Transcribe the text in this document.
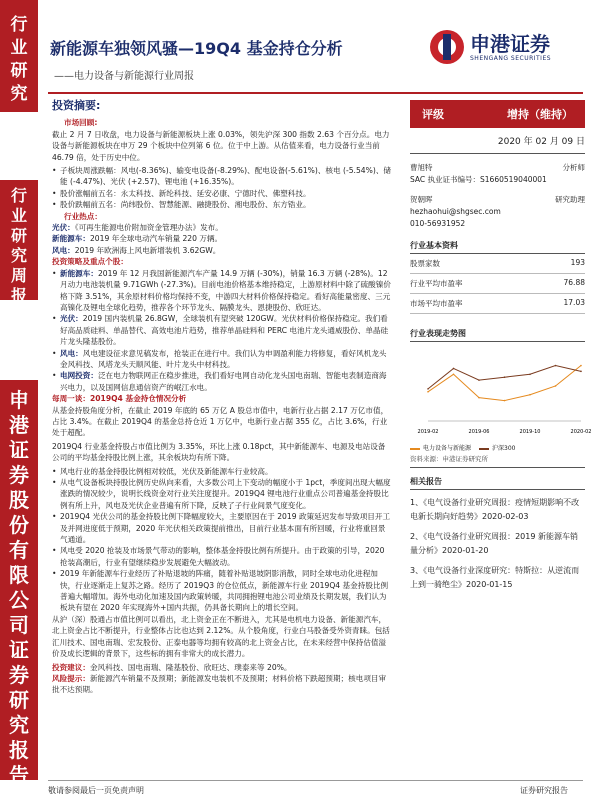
行
业
研
究
行
业
研
究
周
报
申
港
证
券
股
份
有
限
公
司
证
券
研
究
报
告
新能源车独领风骚—19Q4 基金持仓分析
——电力设备与新能源行业周报
申港证券
SHENGANG SECURITIES
投资摘要:
市场回顾:
截止 2 月 7 日收盘，电力设备与新能源板块上涨 0.03%，领先沪深 300 指数 2.63 个百分点。电力设备与新能源板块在申万 29 个板块中位列第 6 位。位于中上游。从估值来看，电力设备行业当前 46.79 倍，处于历史中位。
• 子板块周涨跌幅：风电(-8.36%)、输变电设备(-8.29%)、配电设备(-5.61%)、核电 (-5.54%)、储能 (-4.47%)、光伏 (+2.57)、锂电池 (+16.35%)。
• 股价涨幅前五名：永太科技、新纶科技、延安必康、宁德时代、佛塑科技。
• 股价跌幅前五名：尚纬股份、智慧能源、融捷股份、湘电股份、东方锆业。
行业热点：
光伏：《可再生能源电价附加资金管理办法》发布。
新能源车：2019 年全球电动汽车销量 220 万辆。
风电：2019 年欧洲海上风电新增装机 3.62GW。
投资策略及重点个股：
• 新能源车：2019 年 12 月我国新能源汽车产量 14.9 万辆 (-30%)，销量 16.3 万辆 (-28%)。12 月动力电池装机量 9.71GWh (-27.3%)。目前电池价格基本维持稳定，上游原材料中除了硫酸镍价格下降 3.51%，其余原材料价格均保持不变，中游四大材料价格保持稳定。看好高能量密度、三元高镍化及锂电全球化趋势，推荐各个环节龙头、隔膜龙头、恩捷股份、欣旺达。
• 光伏：2019 国内装机量 26.8GW，全球装机有望突破 120GW。光伏材料价格保持稳定。我们看好高品质硅料、单晶替代、高效电池片趋势，推荐单晶硅料和 PERC 电池片龙头通威股份、单晶硅片龙头隆基股份。
• 风电：风电建设征求意见稿发布，抢装正在进行中。我们认为申调盈利能力将修复，看好风机龙头金风科技、风塔龙头天顺风能、叶片龙头中材科技。
• 电网投资：泛在电力物联网正在稳步推进，我们看好电网自动化龙头国电南瑞、智能电表制造商海兴电力，以及国网信息通信资产的岷江水电。
每周一谈：2019Q4 基金持仓情况分析
从基金持股角度分析，在截止 2019 年底的 65 万亿 A 股总市值中，电新行业占据 2.17 万亿市值，占比 3.4%。在截止 2019Q4 的基金总持仓近 1 万亿中，电新行业占据 355 亿，占比 3.6%，行业处于超配。
2019Q4 行业基金持股占市值比例为 3.35%，环比上涨 0.18pct，其中新能源车、电源及电站设备公司的平均基金持股比例上涨，其余板块均有所下降。
• 风电行业的基金持股比例相对较低，光伏及新能源车行业较高。
• 从电气设备板块持股比例历史纵向来看，大多数公司上下变动的幅度小于 1pct，季度间出现大幅度涨跌的情况较少，说明长线资金对行业关注度提升。2019Q4 锂电池行业重点公司普遍基金持股比例有所上升，风电及光伏企业普遍有所下降，反映了子行业间景气度变化。
• 2019Q4 光伏公司的基金持股比例下降幅度较大，主要原因在于 2019 政策延迟发布导致项目开工及并网进度低于预期，2020 年光伏相关政策提前推出，目前行业基本面有所回暖，行业将重回景气通道。
• 风电受 2020 抢装及市场景气带动的影响，整体基金持股比例有所提升。由于政策的引导，2020 抢装高潮后，行业有望继续稳步发展避免大幅波动。
• 2019 年新能源车行业经历了补贴退坡的阵痛，随着补贴退坡阴影消散，同时全球电动化进程加快，行业逐渐走上复苏之路。经历了 2019Q3 的仓位低点，新能源车行业 2019Q4 基金持股比例普遍大幅增加。海外电动化加速及国内政策转暖，共同拥抱锂电池公司业绩及长期发展，我们认为板块有望在 2020 年实现海外+国内共振，仍具备长期向上的增长空间。
从沪（深）股通占市值比例可以看出，北上资金正在不断进入，尤其是电机电力设备、新能源汽车，北上资金占比不断提升，行业整体占比也达到 2.12%。从个股角度，行业白马股备受外资青睐。包括汇川技术、国电南瑞、宏发股份、正泰电器等均拥有较高的北上资金占比，在未来经营中保持估值溢价及成长逻辑的背景下，这些标的拥有非常大的成长潜力。
投资建议：金风科技、国电南瑞、隆基股份、欣旺达、璞泰来等 20%。
风险提示：新能源汽车销量不及预期；新能源发电装机不及预期；材料价格下跌超预期；核电项目审批不达预期。
评级	增持（维持）
2020 年 02 月 09 日
曹旭特	分析师
SAC 执业证书编号：S1660519040001
贺朝晖	研究助理
hezhaohui@shgsec.com
010-56931952
行业基本资料
股票家数	193
行业平均市盈率	76.88
市场平均市盈率	17.03
行业表现走势图
2019-02	2019-06	2019-10	2020-02
电力设备与新能源	沪深300
资料来源：申港证券研究所
相关报告
1、《电气设备行业研究周报：疫情短期影响不改电新长期向好趋势》2020-02-03
2、《电气设备行业研究周报：2019 新能源车销量分析》2020-01-20
3、《电气设备行业深度研究：特斯拉：从逆流而上到一骑绝尘》2020-01-15
敬请参阅最后一页免责声明	证券研究报告
